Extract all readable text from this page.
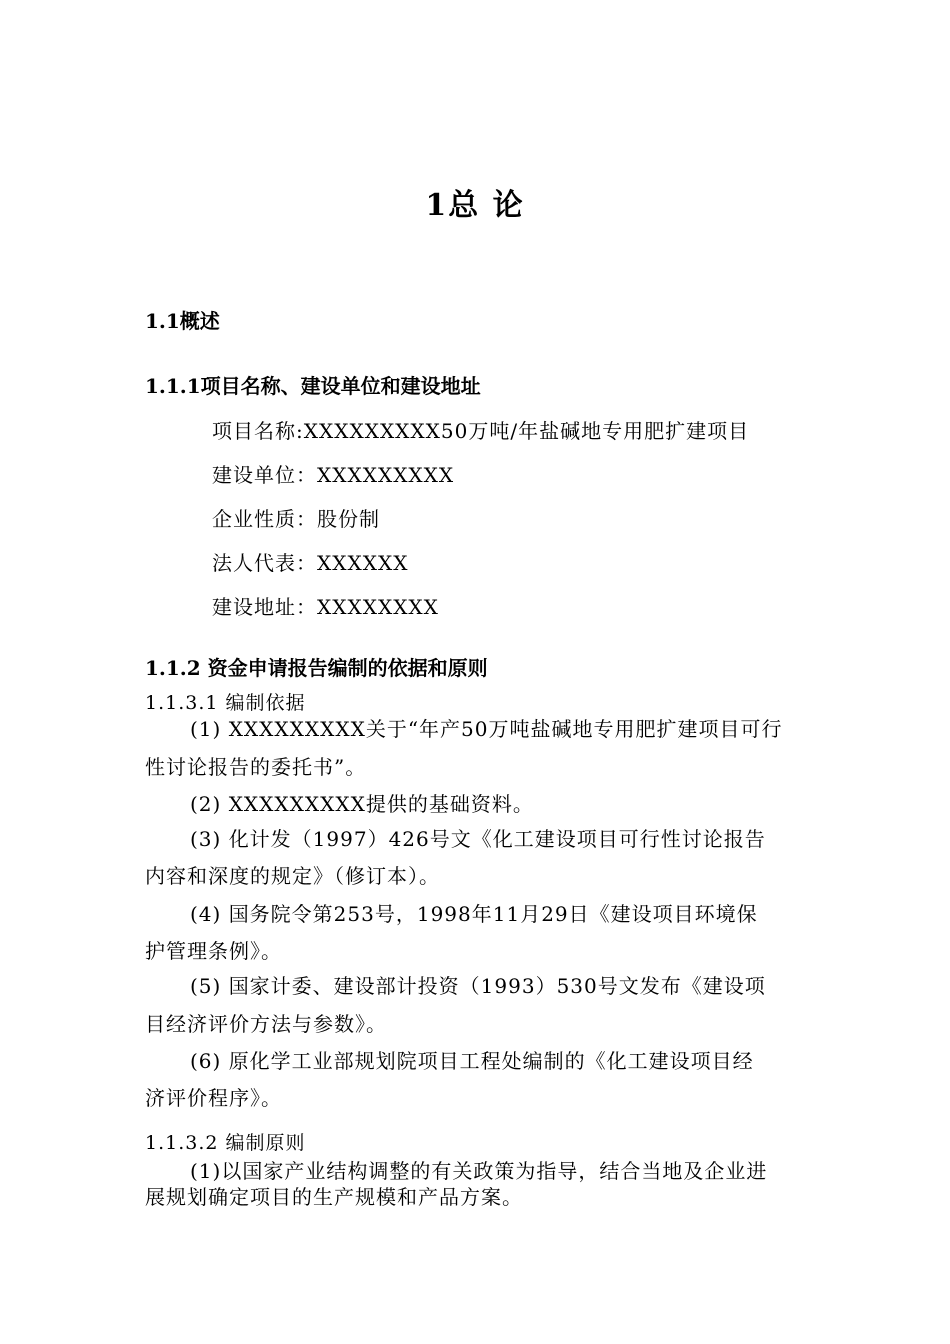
1总 论
1.1概述
1.1.1项目名称、建设单位和建设地址
项目名称:XXXXXXXXX50万吨/年盐碱地专用肥扩建项目
建设单位：XXXXXXXXX
企业性质：股份制
法人代表：XXXXXX
建设地址：XXXXXXXX
1.1.2 资金申请报告编制的依据和原则
1.1.3.1 编制依据
(1) XXXXXXXXX关于“年产50万吨盐碱地专用肥扩建项目可行
性讨论报告的委托书”。
(2) XXXXXXXXX提供的基础资料。
(3) 化计发（1997）426号文《化工建设项目可行性讨论报告
内容和深度的规定》（修订本）。
(4) 国务院令第253号，1998年11月29日《建设项目环境保
护管理条例》。
(5) 国家计委、建设部计投资（1993）530号文发布《建设项
目经济评价方法与参数》。
(6) 原化学工业部规划院项目工程处编制的《化工建设项目经
济评价程序》。
1.1.3.2 编制原则
(1)以国家产业结构调整的有关政策为指导，结合当地及企业进
展规划确定项目的生产规模和产品方案。
